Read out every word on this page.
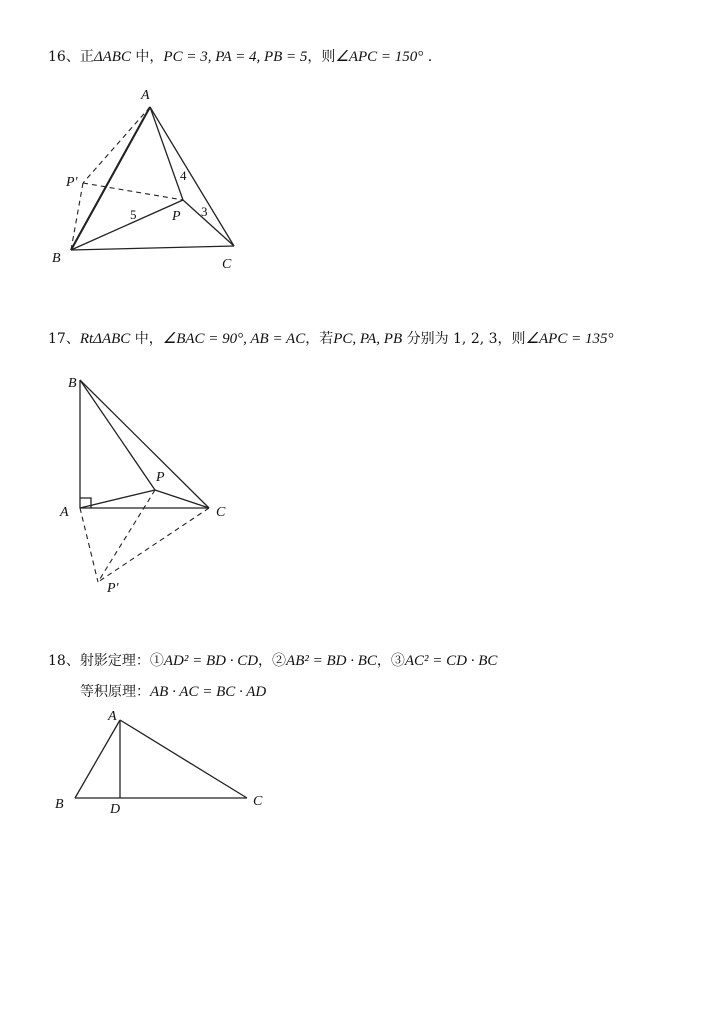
16、正ΔABC 中，PC = 3, PA = 4, PB = 5，则∠APC = 150° .
A
P'
P
B	C
4
5	3
17、RtΔABC 中，∠BAC = 90°, AB = AC，若PC, PA, PB 分别为 1, 2, 3，则∠APC = 135°
B
A	C
P
P'
18、射影定理：①AD² = BD · CD，②AB² = BD · BC，③AC² = CD · BC
等积原理：AB · AC = BC · AD
A
B	D
C
